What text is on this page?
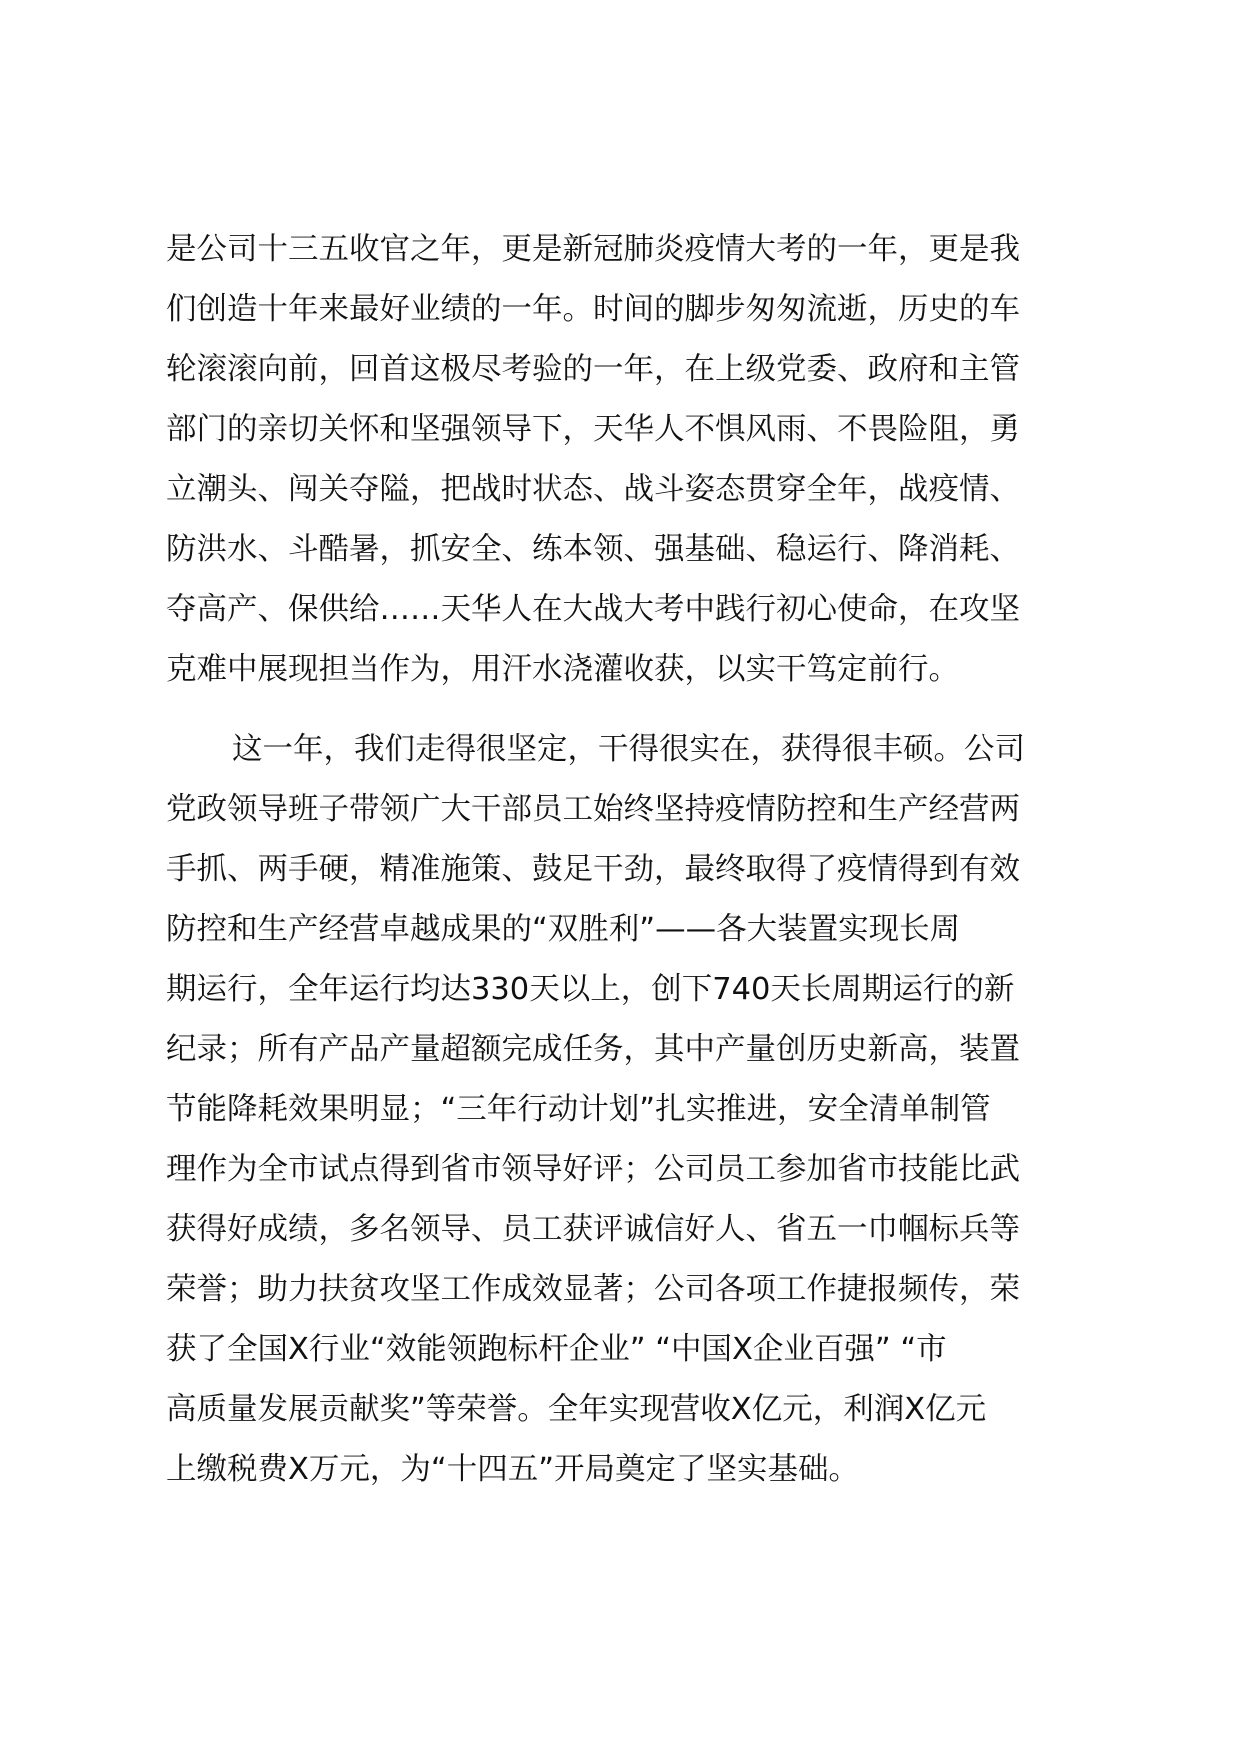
是公司十三五收官之年，更是新冠肺炎疫情大考的一年，更是我
们创造十年来最好业绩的一年。时间的脚步匆匆流逝，历史的车
轮滚滚向前，回首这极尽考验的一年，在上级党委、政府和主管
部门的亲切关怀和坚强领导下，天华人不惧风雨、不畏险阻，勇
立潮头、闯关夺隘，把战时状态、战斗姿态贯穿全年，战疫情、
防洪水、斗酷暑，抓安全、练本领、强基础、稳运行、降消耗、
夺高产、保供给……天华人在大战大考中践行初心使命，在攻坚
克难中展现担当作为，用汗水浇灌收获，以实干笃定前行。
这一年，我们走得很坚定，干得很实在，获得很丰硕。公司
党政领导班子带领广大干部员工始终坚持疫情防控和生产经营两
手抓、两手硬，精准施策、鼓足干劲，最终取得了疫情得到有效
防控和生产经营卓越成果的“双胜利”——各大装置实现长周
期运行，全年运行均达330天以上，创下740天长周期运行的新
纪录；所有产品产量超额完成任务，其中产量创历史新高，装置
节能降耗效果明显；“三年行动计划”扎实推进，安全清单制管
理作为全市试点得到省市领导好评；公司员工参加省市技能比武
获得好成绩，多名领导、员工获评诚信好人、省五一巾帼标兵等
荣誉；助力扶贫攻坚工作成效显著；公司各项工作捷报频传，荣
获了全国X行业“效能领跑标杆企业” “中国X企业百强” “市
高质量发展贡献奖”等荣誉。全年实现营收X亿元，利润X亿元
上缴税费X万元，为“十四五”开局奠定了坚实基础。
